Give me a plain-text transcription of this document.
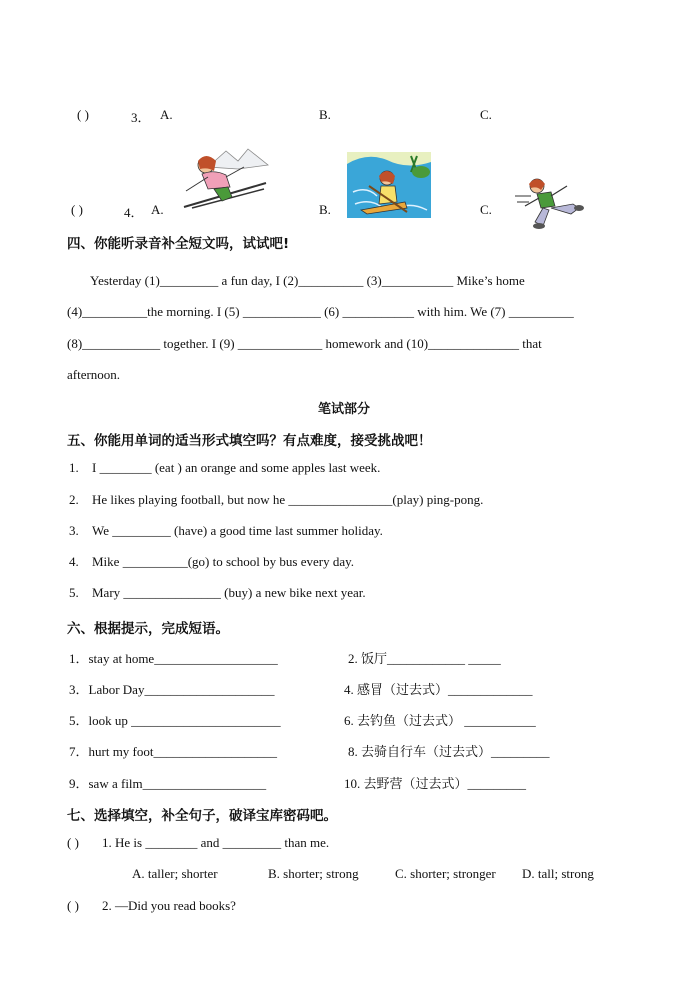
( )	3． A.	B.	C.
( )	4． A.	B.	C.
四、你能听录音补全短文吗，试试吧!
Yesterday (1)_________ a fun day, I (2)__________ (3)___________ Mike’s home
(4)__________the morning. I (5) ____________ (6) ___________ with him. We (7) __________
(8)____________ together. I (9) _____________ homework and (10)______________ that
afternoon.
笔试部分
五、你能用单词的适当形式填空吗？有点难度，接受挑战吧！
1. I ________ (eat ) an orange and some apples last week.
2. He likes playing football, but now he ________________(play) ping-pong.
3. We _________ (have) a good time last summer holiday.
4. Mike __________(go) to school by bus every day.
5. Mary _______________ (buy) a new bike next year.
六、根据提示，完成短语。
1．stay at home___________________	2. 饭厅____________ _____
3．Labor Day____________________	4. 感冒（过去式）_____________
5．look up _______________________	6. 去钓鱼（过去式） ___________
7．hurt my foot___________________	8. 去骑自行车（过去式）_________
9．saw a film___________________	10. 去野营（过去式）_________
七、选择填空，补全句子，破译宝库密码吧。
( ) 1. He is ________ and _________ than me.
A. taller; shorter	B. shorter; strong	C. shorter; stronger D. tall; strong
( ) 2. —Did you read books?
